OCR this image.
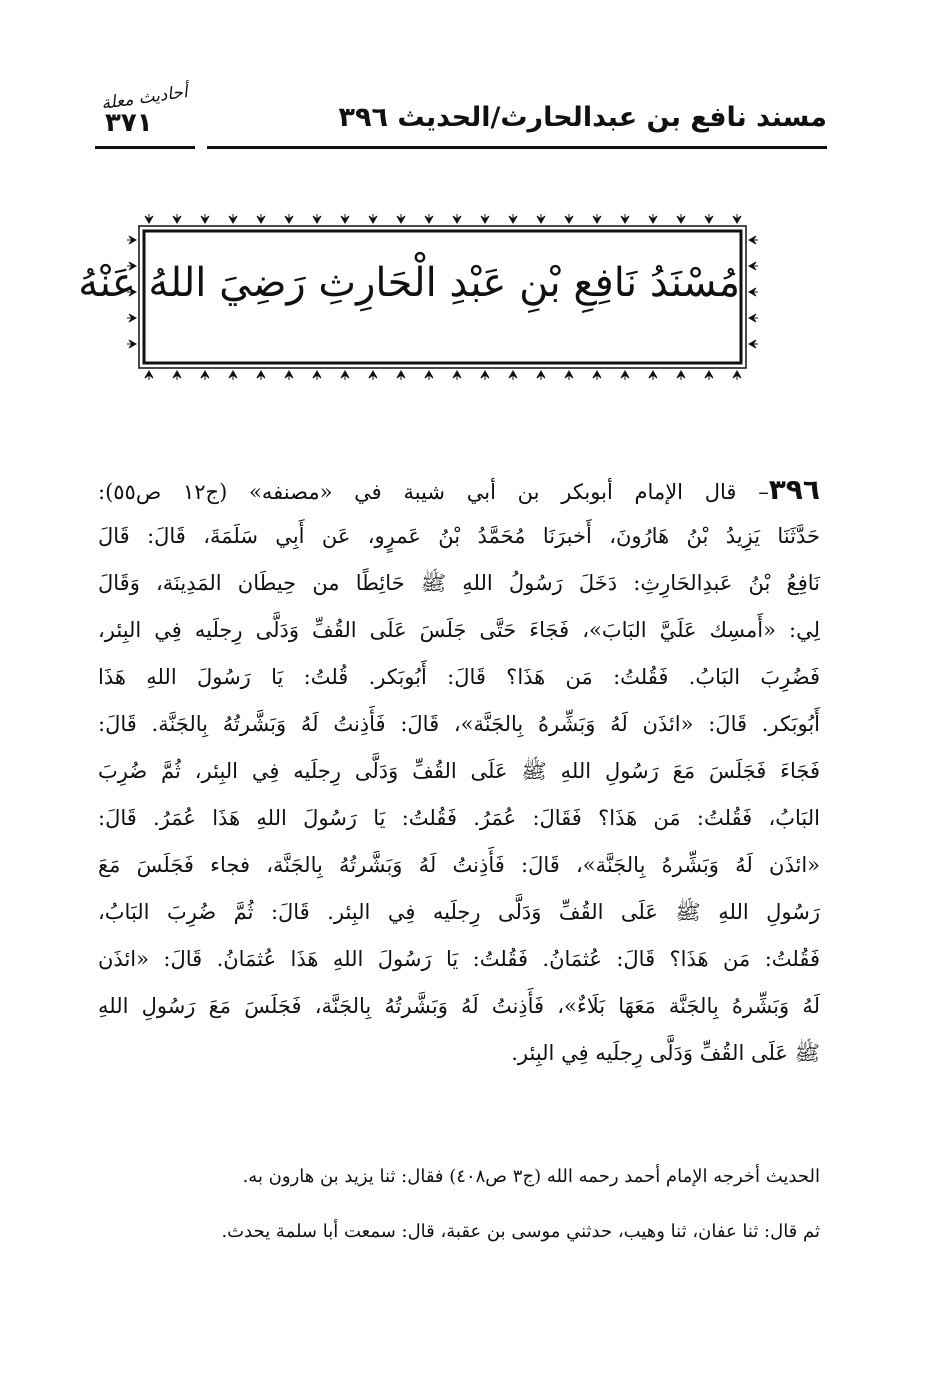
مسند نافع بن عبدالحارث/الحديث ٣٩٦
أحاديث معلة
٣٧١
مُسْنَدُ نَافِعِ بْنِ عَبْدِ الْحَارِثِ رَضِيَ اللهُ عَنْهُ
٣٩٦– قال الإمام أبوبكر بن أبي شيبة في «مصنفه» (ج١٢ ص٥٥):
حَدَّثَنَا يَزِيدُ بْنُ هَارُونَ، أَخبرَنَا مُحَمَّدُ بْنُ عَمرٍو، عَن أَبِي سَلَمَةَ، قَالَ: قَالَ
نَافِعُ بْنُ عَبدِالحَارِثِ: دَخَلَ رَسُولُ اللهِ ﷺ حَائِطًا من حِيطَان المَدِينَة، وَقَالَ
لِي: «أَمسِك عَلَيَّ البَابَ»، فَجَاءَ حَتَّى جَلَسَ عَلَى القُفِّ وَدَلَّى رِجلَيه فِي البِئر،
فَضُرِبَ البَابُ. فَقُلتُ: مَن هَذَا؟ قَالَ: أَبُوبَكر. قُلتُ: يَا رَسُولَ اللهِ هَذَا
أَبُوبَكر. قَالَ: «ائذَن لَهُ وَبَشِّرهُ بِالجَنَّة»، قَالَ: فَأَذِنتُ لَهُ وَبَشَّرتُهُ بِالجَنَّة. قَالَ:
فَجَاءَ فَجَلَسَ مَعَ رَسُولِ اللهِ ﷺ عَلَى القُفِّ وَدَلَّى رِجلَيه فِي البِئر، ثُمَّ ضُرِبَ
البَابُ، فَقُلتُ: مَن هَذَا؟ فَقَالَ: عُمَرُ. فَقُلتُ: يَا رَسُولَ اللهِ هَذَا عُمَرُ. قَالَ:
«ائذَن لَهُ وَبَشِّرهُ بِالجَنَّة»، قَالَ: فَأَذِنتُ لَهُ وَبَشَّرتُهُ بِالجَنَّة، فجاء فَجَلَسَ مَعَ
رَسُولِ اللهِ ﷺ عَلَى القُفِّ وَدَلَّى رِجلَيه فِي البِئر. قَالَ: ثُمَّ ضُرِبَ البَابُ،
فَقُلتُ: مَن هَذَا؟ قَالَ: عُثمَانُ. فَقُلتُ: يَا رَسُولَ اللهِ هَذَا عُثمَانُ. قَالَ: «ائذَن
لَهُ وَبَشِّرهُ بِالجَنَّة مَعَهَا بَلَاءٌ»، فَأَذِنتُ لَهُ وَبَشَّرتُهُ بِالجَنَّة، فَجَلَسَ مَعَ رَسُولِ اللهِ
ﷺ عَلَى القُفِّ وَدَلَّى رِجلَيه فِي البِئر.
الحديث أخرجه الإمام أحمد رحمه الله (ج٣ ص٤٠٨) فقال: ثنا يزيد بن هارون به.
ثم قال: ثنا عفان، ثنا وهيب، حدثني موسى بن عقبة، قال: سمعت أبا سلمة يحدث.
